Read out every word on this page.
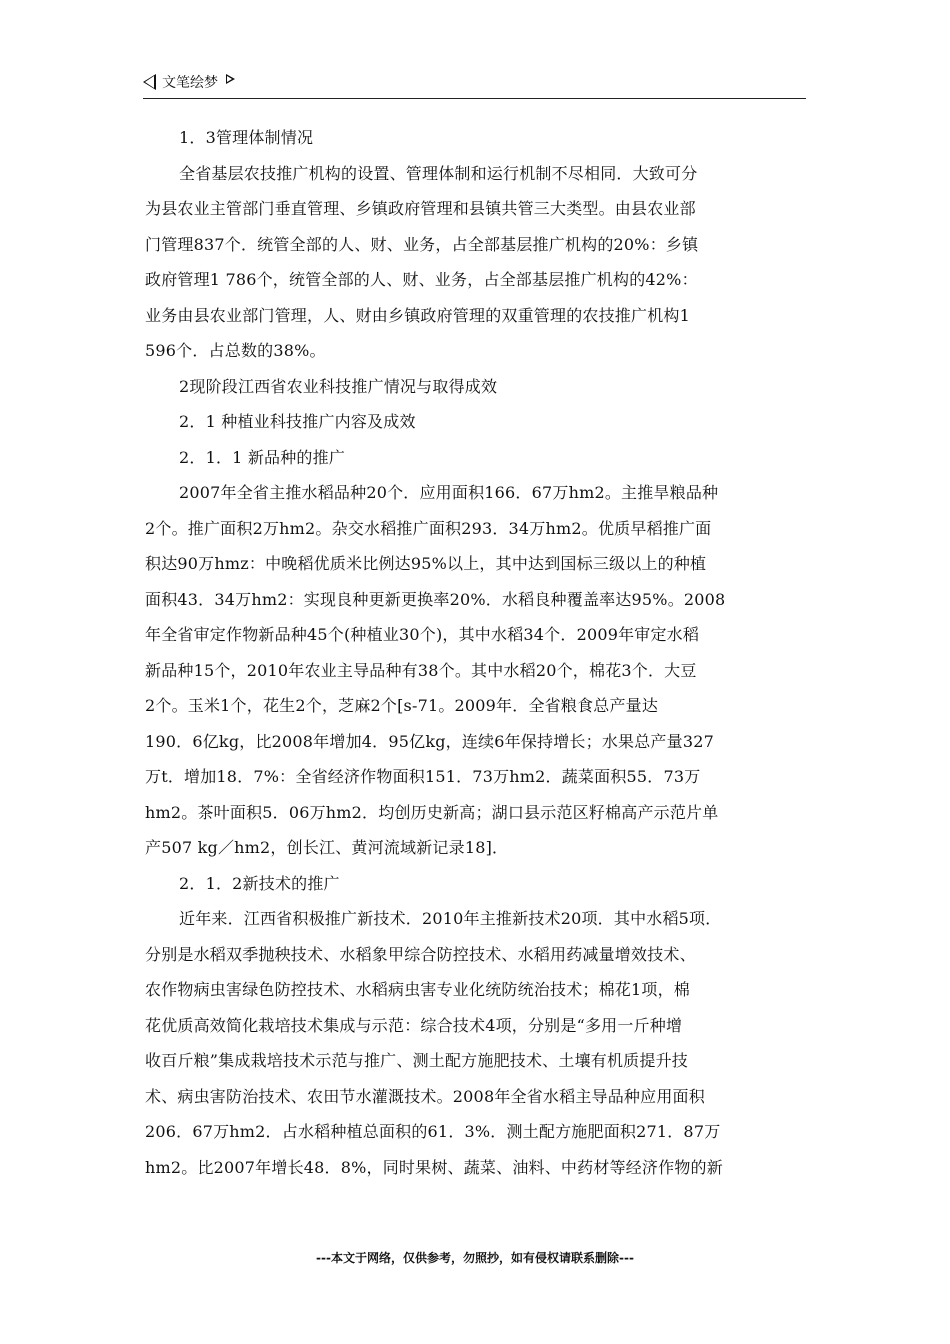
文笔绘梦
1．3管理体制情况
全省基层农技推广机构的设置、管理体制和运行机制不尽相同．大致可分
为县农业主管部门垂直管理、乡镇政府管理和县镇共管三大类型。由县农业部
门管理837个．统管全部的人、财、业务，占全部基层推广机构的20%：乡镇
政府管理1 786个，统管全部的人、财、业务，占全部基层推广机构的42%：
业务由县农业部门管理，人、财由乡镇政府管理的双重管理的农技推广机构1
596个．占总数的38%。
2现阶段江西省农业科技推广情况与取得成效
2．1 种植业科技推广内容及成效
2．1．1 新品种的推广
2007年全省主推水稻品种20个．应用面积166．67万hm2。主推旱粮品种
2个。推广面积2万hm2。杂交水稻推广面积293．34万hm2。优质早稻推广面
积达90万hmz：中晚稻优质米比例达95%以上，其中达到国标三级以上的种植
面积43．34万hm2：实现良种更新更换率20%．水稻良种覆盖率达95%。2008
年全省审定作物新品种45个(种植业30个)，其中水稻34个．2009年审定水稻
新品种15个，2010年农业主导品种有38个。其中水稻20个，棉花3个．大豆
2个。玉米1个，花生2个，芝麻2个[s-71。2009年．全省粮食总产量达
190．6亿kg，比2008年增加4．95亿kg，连续6年保持增长；水果总产量327
万t．增加18．7%：全省经济作物面积151．73万hm2．蔬菜面积55．73万
hm2。茶叶面积5．06万hm2．均创历史新高；湖口县示范区籽棉高产示范片单
产507 kg／hm2，创长江、黄河流域新记录18]．
2．1．2新技术的推广
近年来．江西省积极推广新技术．2010年主推新技术20项．其中水稻5项．
分别是水稻双季抛秧技术、水稻象甲综合防控技术、水稻用药减量增效技术、
农作物病虫害绿色防控技术、水稻病虫害专业化统防统治技术；棉花1项，棉
花优质高效简化栽培技术集成与示范：综合技术4项，分别是“多用一斤种增
收百斤粮”集成栽培技术示范与推广、测土配方施肥技术、土壤有机质提升技
术、病虫害防治技术、农田节水灌溉技术。2008年全省水稻主导品种应用面积
206．67万hm2．占水稻种植总面积的61．3%．测土配方施肥面积271．87万
hm2。比2007年增长48．8%，同时果树、蔬菜、油料、中药材等经济作物的新
---本文于网络，仅供参考，勿照抄，如有侵权请联系删除---
